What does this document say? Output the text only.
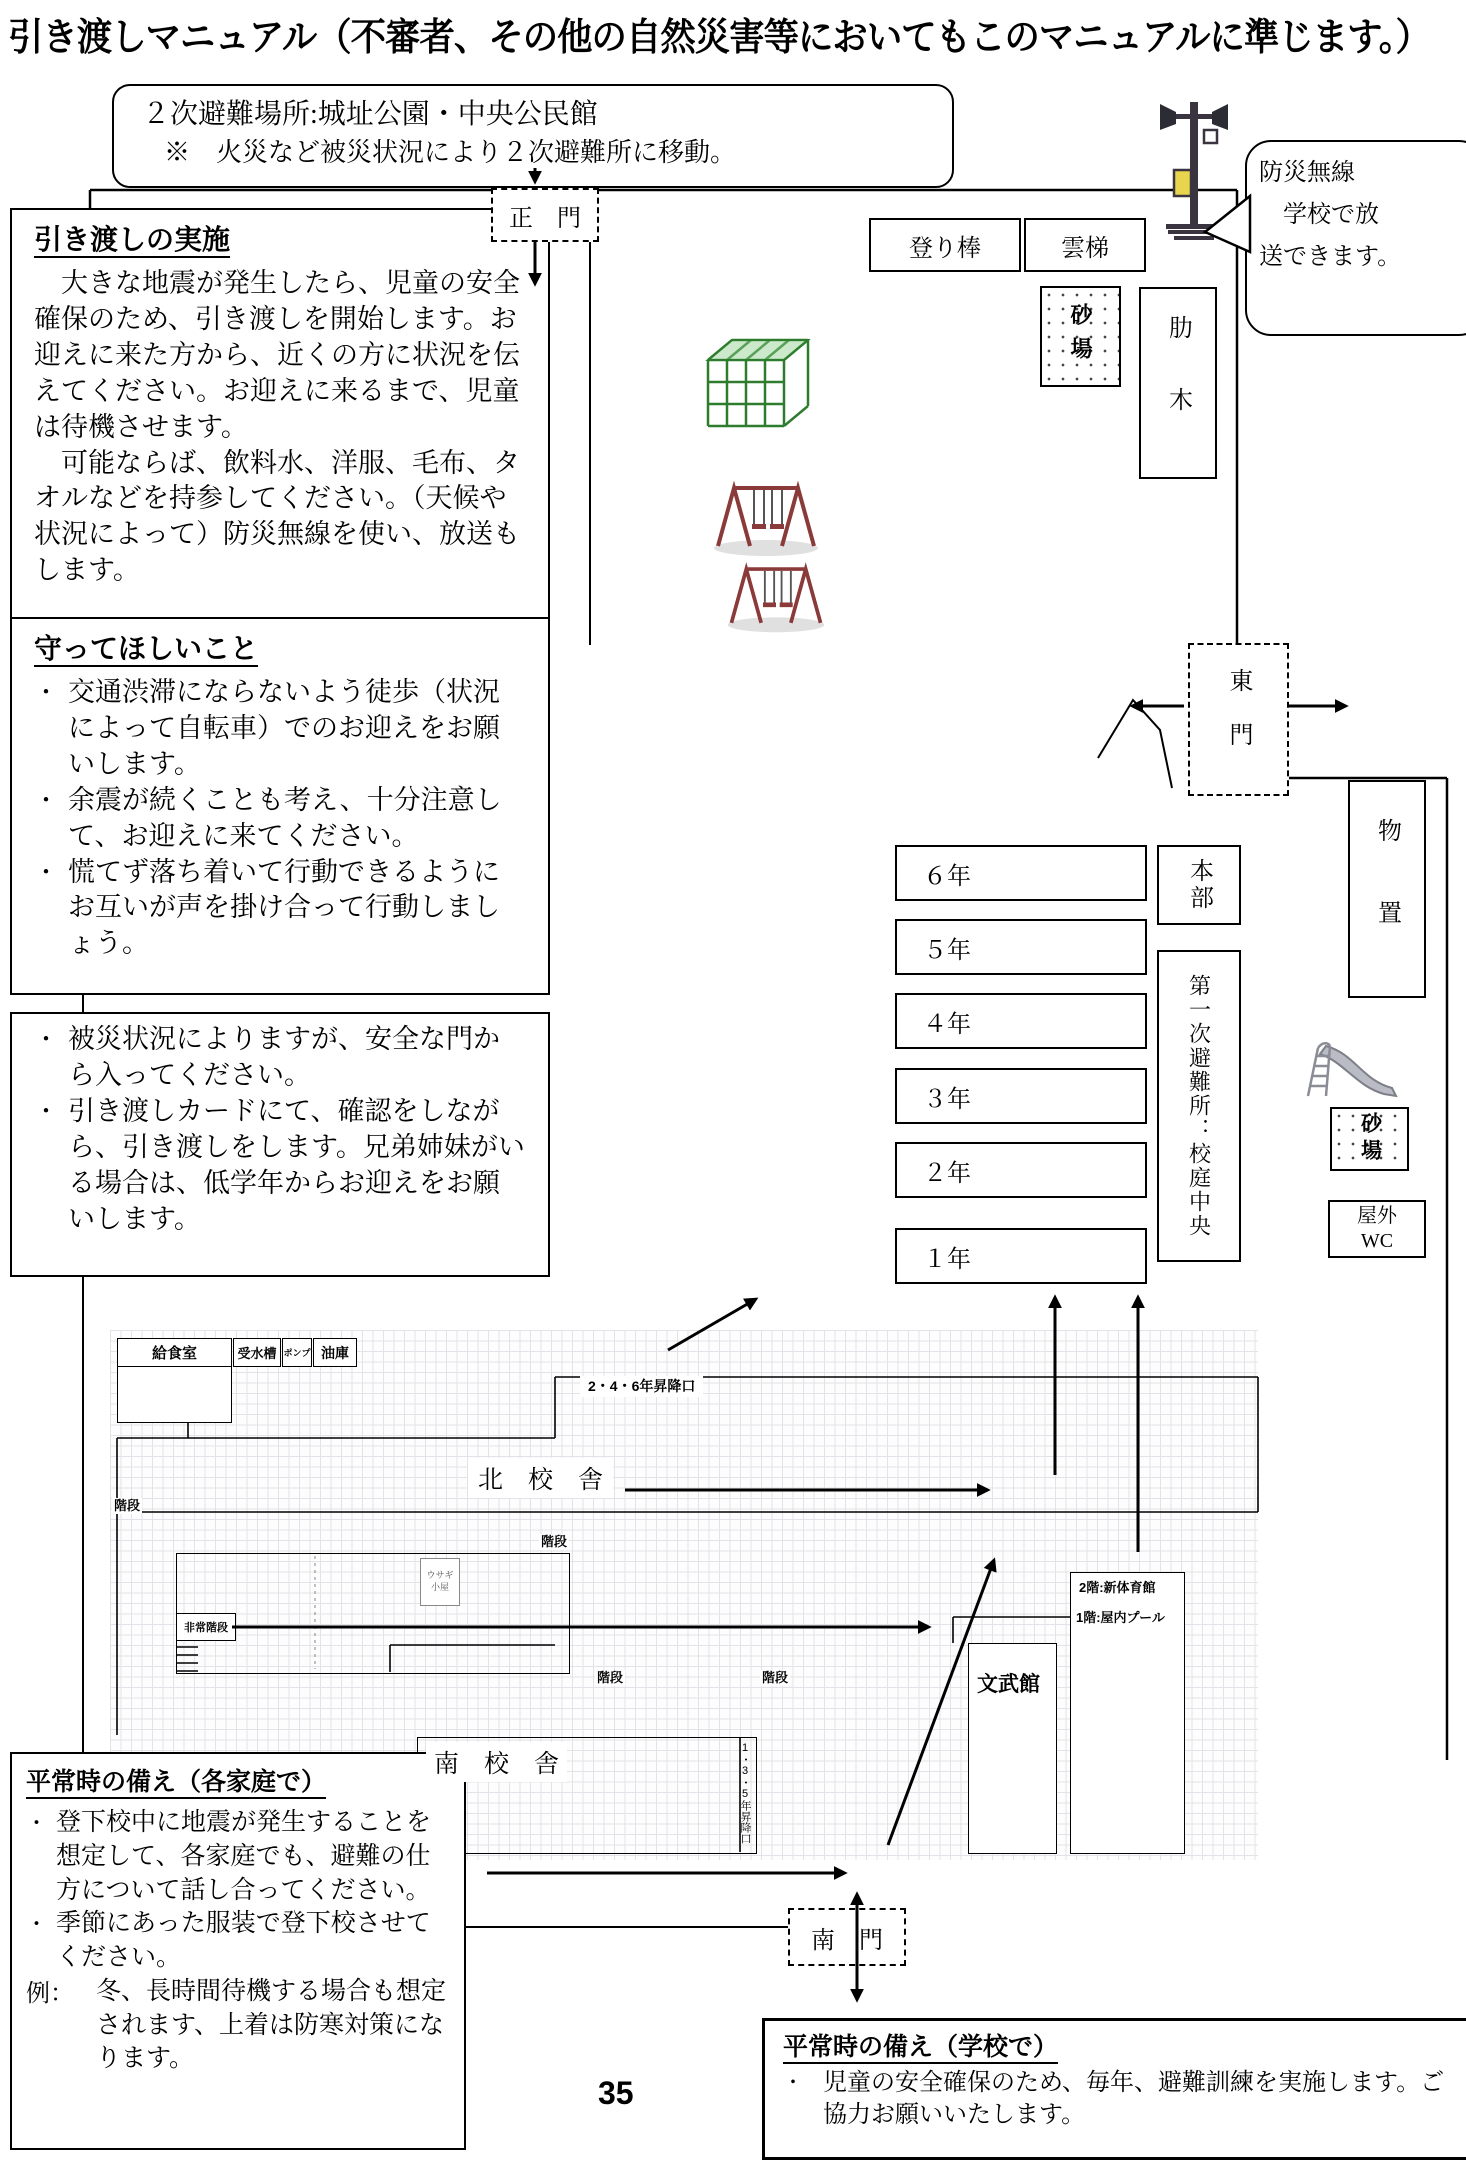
引き渡しマニュアル（不審者、その他の自然災害等においてもこのマニュアルに準じます。）
２次避難場所:城址公園・中央公民館
※　火災など被災状況により２次避難所に移動。
引き渡しの実施
　大きな地震が発生したら、児童の安全確保のため、引き渡しを開始します。お迎えに来た方から、近くの方に状況を伝えてください。お迎えに来るまで、児童は待機させます。
　可能ならば、飲料水、洋服、毛布、タオルなどを持参してください。（天候や状況によって）防災無線を使い、放送もします。
守ってほしいこと
・ 交通渋滞にならないよう徒歩（状況によって自転車）でのお迎えをお願いします。
・ 余震が続くことも考え、十分注意して、お迎えに来てください。
・ 慌てず落ち着いて行動できるようにお互いが声を掛け合って行動しましょう。
・ 被災状況によりますが、安全な門から入ってください。
・ 引き渡しカードにて、確認をしながら、引き渡しをします。兄弟姉妹がいる場合は、低学年からお迎えをお願いします。
平常時の備え（各家庭で）
・ 登下校中に地震が発生することを想定して、各家庭でも、避難の仕方について話し合ってください。
・ 季節にあった服装で登下校させてください。
例： 冬、長時間待機する場合も想定されます、上着は防寒対策になります。	平常時の備え（学校で）
・ 児童の安全確保のため、毎年、避難訓練を実施します。ご協力お願いいたします。
35
正　門
東門
南　門
登り棒	雲梯
砂場	肋木
６年
５年
４年
３年
２年
１年
本部
第一次避難所：校庭中央
物置
砂場
屋外
WC
防災無線
　学校で放
送できます。
給食室	受水槽 ポンプ 油庫
2・4・6年昇降口
北　校　舎
南　校　舎
階段
階段
階段	階段
非常階段
ウサギ
小屋
1・3・5年昇降口
文武館
2階:新体育館
1階:屋内プール
